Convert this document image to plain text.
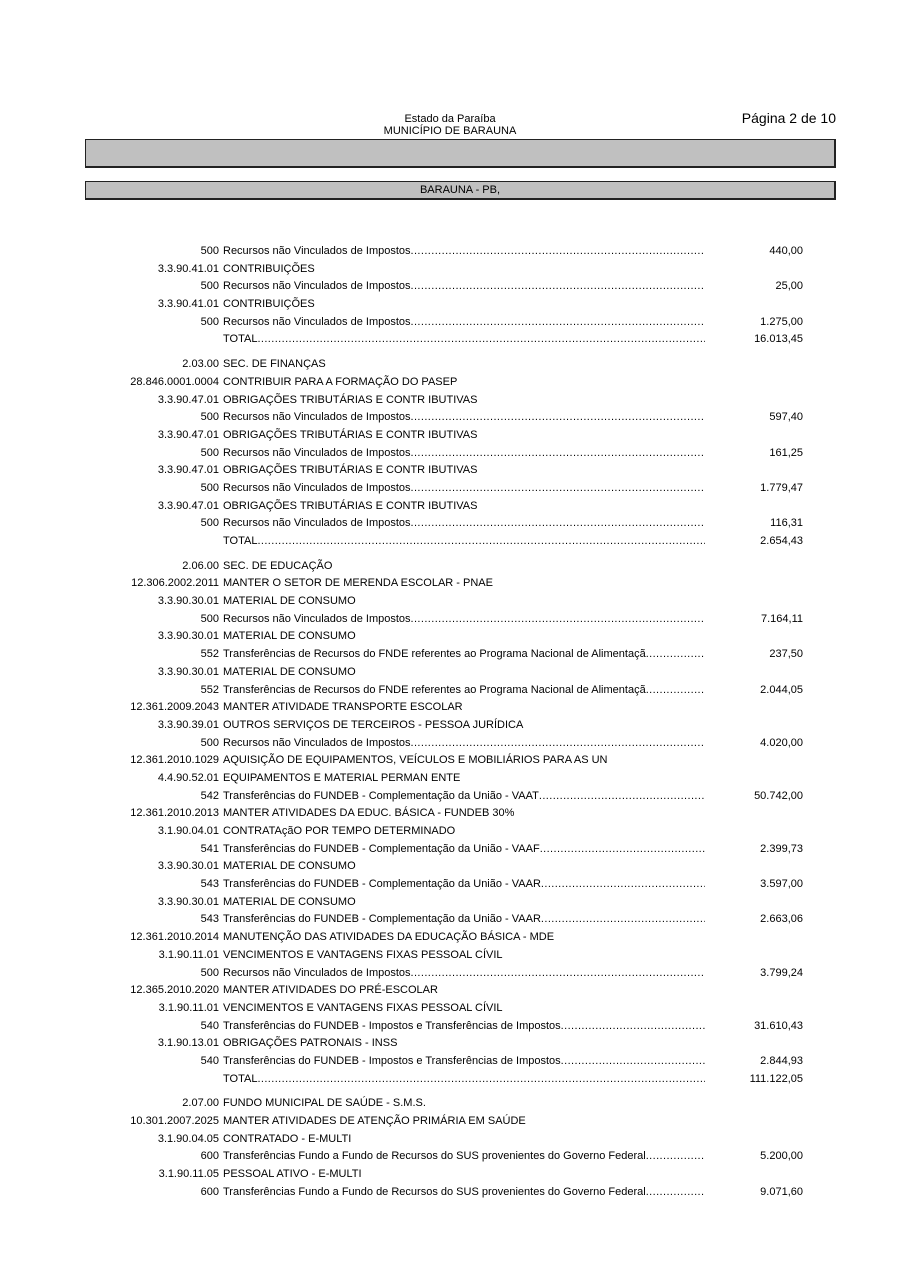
Estado da Paraíba
MUNICÍPIO DE BARAUNA
Página 2 de 10
BARAUNA - PB,
500 Recursos não Vinculados de Impostos .....	440,00
3.3.90.41.01 CONTRIBUIÇÕES
500 Recursos não Vinculados de Impostos .....	25,00
3.3.90.41.01 CONTRIBUIÇÕES
500 Recursos não Vinculados de Impostos .....	1.275,00
TOTAL .....	16.013,45
2.03.00 SEC. DE FINANÇAS
28.846.0001.0004 CONTRIBUIR PARA A FORMAÇÃO DO PASEP
3.3.90.47.01 OBRIGAÇÕES TRIBUTÁRIAS E CONTR IBUTIVAS
500 Recursos não Vinculados de Impostos .....	597,40
3.3.90.47.01 OBRIGAÇÕES TRIBUTÁRIAS E CONTR IBUTIVAS
500 Recursos não Vinculados de Impostos .....	161,25
3.3.90.47.01 OBRIGAÇÕES TRIBUTÁRIAS E CONTR IBUTIVAS
500 Recursos não Vinculados de Impostos .....	1.779,47
3.3.90.47.01 OBRIGAÇÕES TRIBUTÁRIAS E CONTR IBUTIVAS
500 Recursos não Vinculados de Impostos .....	116,31
TOTAL .....	2.654,43
2.06.00 SEC. DE EDUCAÇÃO
12.306.2002.2011 MANTER O SETOR DE MERENDA ESCOLAR - PNAE
3.3.90.30.01 MATERIAL DE CONSUMO
500 Recursos não Vinculados de Impostos .....	7.164,11
3.3.90.30.01 MATERIAL DE CONSUMO
552 Transferências de Recursos do FNDE referentes ao Programa Nacional de Alimentaçã .....	237,50
3.3.90.30.01 MATERIAL DE CONSUMO
552 Transferências de Recursos do FNDE referentes ao Programa Nacional de Alimentaçã .....	2.044,05
12.361.2009.2043 MANTER ATIVIDADE TRANSPORTE ESCOLAR
3.3.90.39.01 OUTROS SERVIÇOS DE TERCEIROS - PESSOA JURÍDICA
500 Recursos não Vinculados de Impostos .....	4.020,00
12.361.2010.1029 AQUISIÇÃO DE EQUIPAMENTOS, VEÍCULOS E MOBILIÁRIOS PARA AS UN
4.4.90.52.01 EQUIPAMENTOS E MATERIAL PERMAN ENTE
542 Transferências do FUNDEB - Complementação da União - VAAT .....	50.742,00
12.361.2010.2013 MANTER ATIVIDADES DA EDUC. BÁSICA - FUNDEB 30%
3.1.90.04.01 CONTRATAçãO POR TEMPO DETERMINADO
541 Transferências do FUNDEB - Complementação da União - VAAF .....	2.399,73
3.3.90.30.01 MATERIAL DE CONSUMO
543 Transferências do FUNDEB - Complementação da União - VAAR .....	3.597,00
3.3.90.30.01 MATERIAL DE CONSUMO
543 Transferências do FUNDEB - Complementação da União - VAAR .....	2.663,06
12.361.2010.2014 MANUTENÇÃO DAS ATIVIDADES DA EDUCAÇÃO BÁSICA - MDE
3.1.90.11.01 VENCIMENTOS E VANTAGENS FIXAS PESSOAL CÍVIL
500 Recursos não Vinculados de Impostos .....	3.799,24
12.365.2010.2020 MANTER ATIVIDADES DO PRÉ-ESCOLAR
3.1.90.11.01 VENCIMENTOS E VANTAGENS FIXAS PESSOAL CÍVIL
540 Transferências do FUNDEB - Impostos e Transferências de Impostos .....	31.610,43
3.1.90.13.01 OBRIGAÇÕES PATRONAIS - INSS
540 Transferências do FUNDEB - Impostos e Transferências de Impostos .....	2.844,93
TOTAL .....	111.122,05
2.07.00 FUNDO MUNICIPAL DE SAÚDE - S.M.S.
10.301.2007.2025 MANTER ATIVIDADES DE ATENÇÃO PRIMÁRIA EM SAÚDE
3.1.90.04.05 CONTRATADO - E-MULTI
600 Transferências Fundo a Fundo de Recursos do SUS provenientes do Governo Federal .....	5.200,00
3.1.90.11.05 PESSOAL ATIVO - E-MULTI
600 Transferências Fundo a Fundo de Recursos do SUS provenientes do Governo Federal .....	9.071,60
